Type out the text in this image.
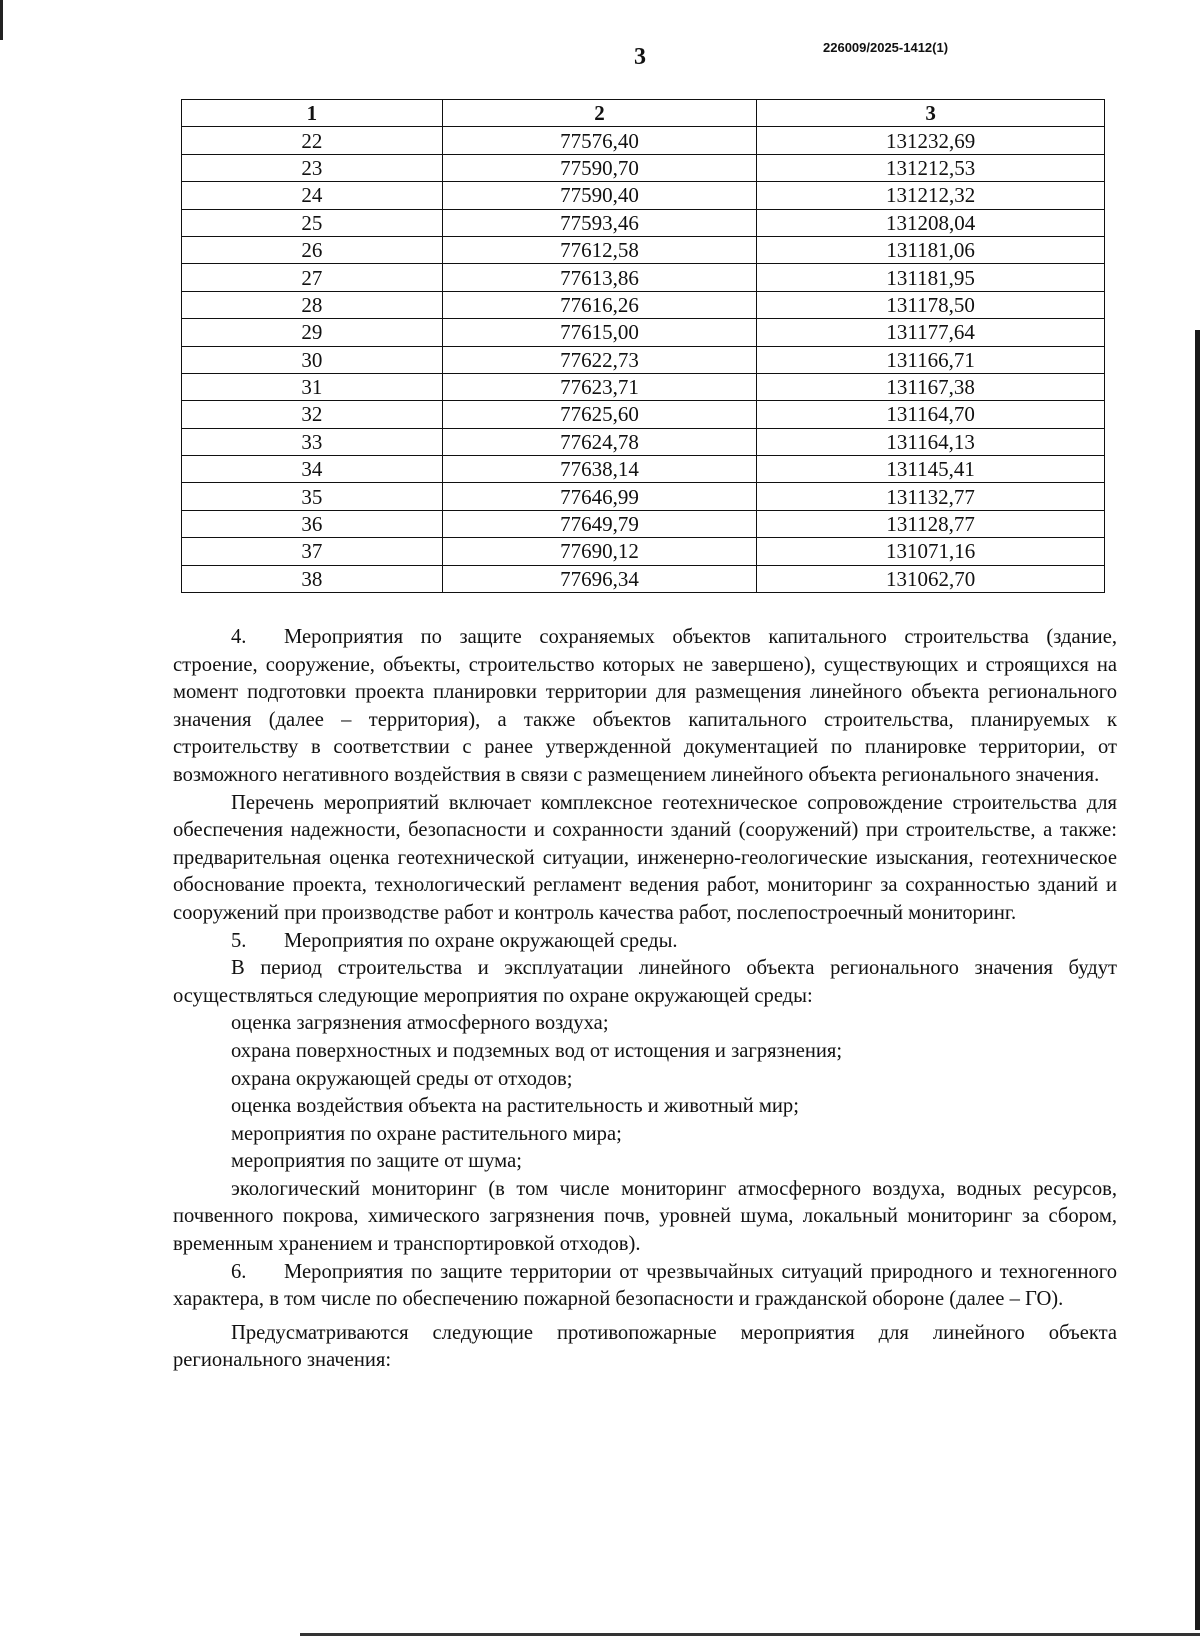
3	226009/2025-1412(1)
1	2	3
22	77576,40	131232,69
23	77590,70	131212,53
24	77590,40	131212,32
25	77593,46	131208,04
26	77612,58	131181,06
27	77613,86	131181,95
28	77616,26	131178,50
29	77615,00	131177,64
30	77622,73	131166,71
31	77623,71	131167,38
32	77625,60	131164,70
33	77624,78	131164,13
34	77638,14	131145,41
35	77646,99	131132,77
36	77649,79	131128,77
37	77690,12	131071,16
38	77696,34	131062,70

4. Мероприятия по защите сохраняемых объектов капитального строительства (здание, строение, сооружение, объекты, строительство которых не завершено), существующих и строящихся на момент подготовки проекта планировки территории для размещения линейного объекта регионального значения (далее – территория), а также объектов капитального строительства, планируемых к строительству в соответствии с ранее утвержденной документацией по планировке территории, от возможного негативного воздействия в связи с размещением линейного объекта регионального значения.

Перечень мероприятий включает комплексное геотехническое сопровождение строительства для обеспечения надежности, безопасности и сохранности зданий (сооружений) при строительстве, а также: предварительная оценка геотехнической ситуации, инженерно-геологические изыскания, геотехническое обоснование проекта, технологический регламент ведения работ, мониторинг за сохранностью зданий и сооружений при производстве работ и контроль качества работ, послепостроечный мониторинг.

5. Мероприятия по охране окружающей среды.

В период строительства и эксплуатации линейного объекта регионального значения будут осуществляться следующие мероприятия по охране окружающей среды:

оценка загрязнения атмосферного воздуха;

охрана поверхностных и подземных вод от истощения и загрязнения;

охрана окружающей среды от отходов;

оценка воздействия объекта на растительность и животный мир;

мероприятия по охране растительного мира;

мероприятия по защите от шума;

экологический мониторинг (в том числе мониторинг атмосферного воздуха, водных ресурсов, почвенного покрова, химического загрязнения почв, уровней шума, локальный мониторинг за сбором, временным хранением и транспортировкой отходов).

6. Мероприятия по защите территории от чрезвычайных ситуаций природного и техногенного характера, в том числе по обеспечению пожарной безопасности и гражданской обороне (далее – ГО).

Предусматриваются следующие противопожарные мероприятия для линейного объекта регионального значения:
